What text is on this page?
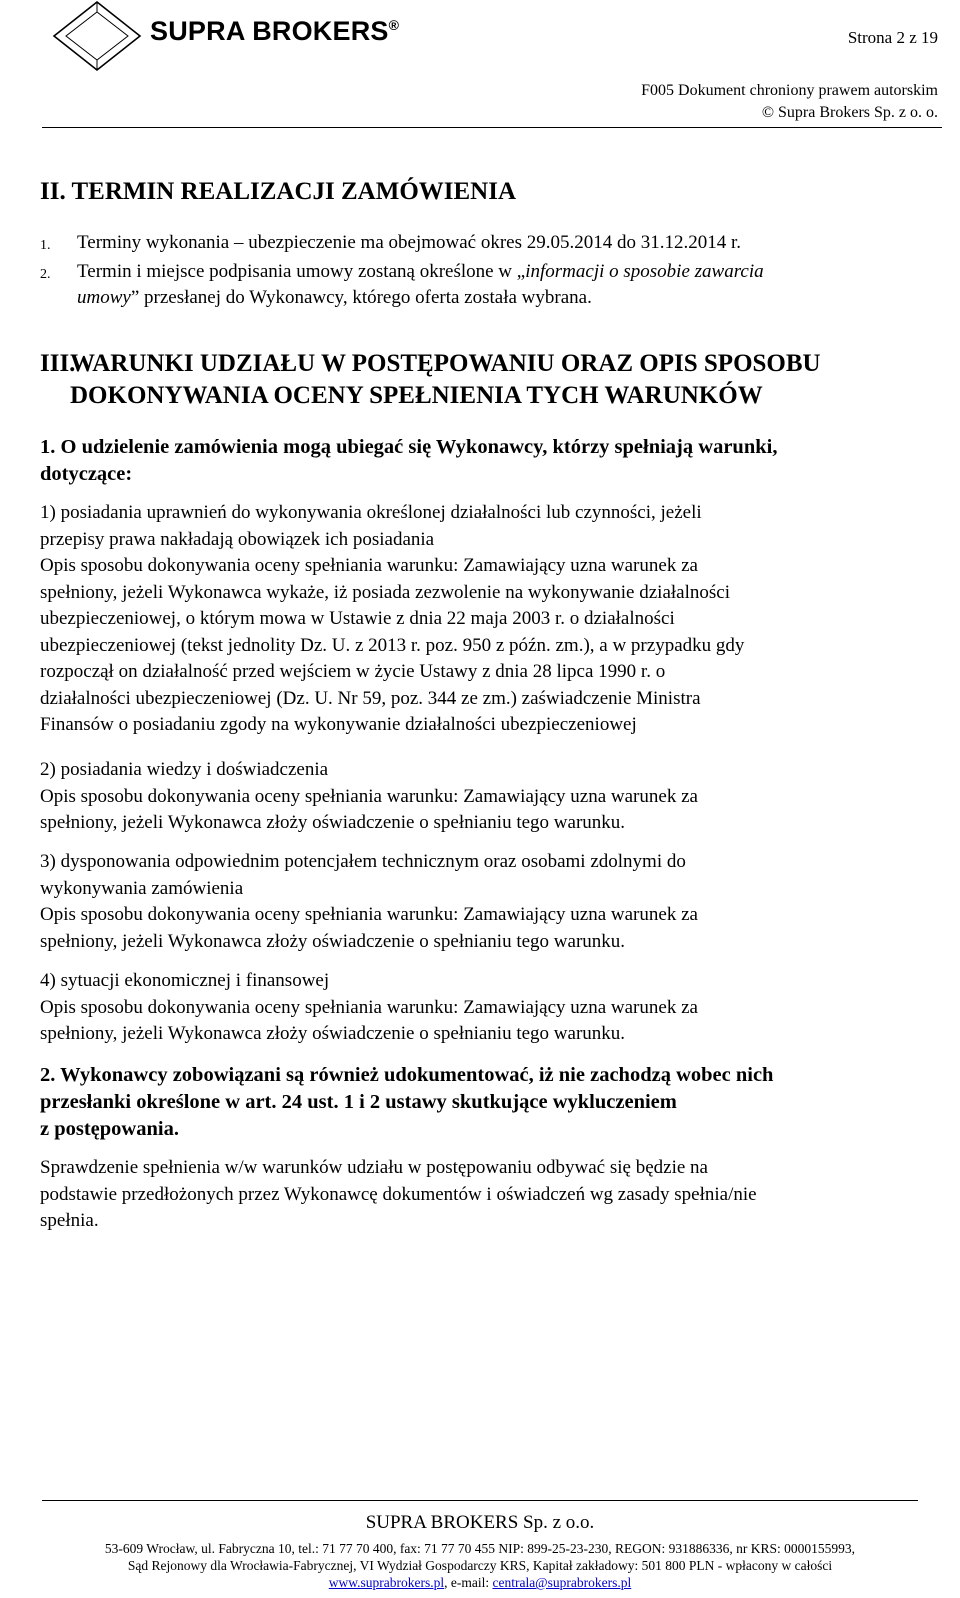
SUPRA BROKERS®
Strona 2 z 19
F005 Dokument chroniony prawem autorskim
© Supra Brokers Sp. z o. o.
II. TERMIN REALIZACJI ZAMÓWIENIA
1. Terminy wykonania – ubezpieczenie ma obejmować okres 29.05.2014 do 31.12.2014 r.
2. Termin i miejsce podpisania umowy zostaną określone w „informacji o sposobie zawarcia
umowy” przesłanej do Wykonawcy, którego oferta została wybrana.
III.
WARUNKI UDZIAŁU W POSTĘPOWANIU ORAZ OPIS SPOSOBU
DOKONYWANIA OCENY SPEŁNIENIA TYCH WARUNKÓW
1. O udzielenie zamówienia mogą ubiegać się Wykonawcy, którzy spełniają warunki,
dotyczące:
1) posiadania uprawnień do wykonywania określonej działalności lub czynności, jeżeli
przepisy prawa nakładają obowiązek ich posiadania
Opis sposobu dokonywania oceny spełniania warunku: Zamawiający uzna warunek za
spełniony, jeżeli Wykonawca wykaże, iż posiada zezwolenie na wykonywanie działalności
ubezpieczeniowej, o którym mowa w Ustawie z dnia 22 maja 2003 r. o działalności
ubezpieczeniowej (tekst jednolity Dz. U. z 2013 r. poz. 950 z późn. zm.), a w przypadku gdy
rozpoczął on działalność przed wejściem w życie Ustawy z dnia 28 lipca 1990 r. o
działalności ubezpieczeniowej (Dz. U. Nr 59, poz. 344 ze zm.) zaświadczenie Ministra
Finansów o posiadaniu zgody na wykonywanie działalności ubezpieczeniowej
2) posiadania wiedzy i doświadczenia
Opis sposobu dokonywania oceny spełniania warunku: Zamawiający uzna warunek za
spełniony, jeżeli Wykonawca złoży oświadczenie o spełnianiu tego warunku.
3) dysponowania odpowiednim potencjałem technicznym oraz osobami zdolnymi do
wykonywania zamówienia
Opis sposobu dokonywania oceny spełniania warunku: Zamawiający uzna warunek za
spełniony, jeżeli Wykonawca złoży oświadczenie o spełnianiu tego warunku.
4) sytuacji ekonomicznej i finansowej
Opis sposobu dokonywania oceny spełniania warunku: Zamawiający uzna warunek za
spełniony, jeżeli Wykonawca złoży oświadczenie o spełnianiu tego warunku.
2. Wykonawcy zobowiązani są również udokumentować, iż nie zachodzą wobec nich
przesłanki określone w art. 24 ust. 1 i 2 ustawy skutkujące wykluczeniem
z postępowania.
Sprawdzenie spełnienia w/w warunków udziału w postępowaniu odbywać się będzie na
podstawie przedłożonych przez Wykonawcę dokumentów i oświadczeń wg zasady spełnia/nie
spełnia.
SUPRA BROKERS Sp. z o.o.
53-609 Wrocław, ul. Fabryczna 10, tel.: 71 77 70 400, fax: 71 77 70 455 NIP: 899-25-23-230, REGON: 931886336, nr KRS: 0000155993,
Sąd Rejonowy dla Wrocławia-Fabrycznej, VI Wydział Gospodarczy KRS, Kapitał zakładowy: 501 800 PLN - wpłacony w całości
www.suprabrokers.pl, e-mail: centrala@suprabrokers.pl
